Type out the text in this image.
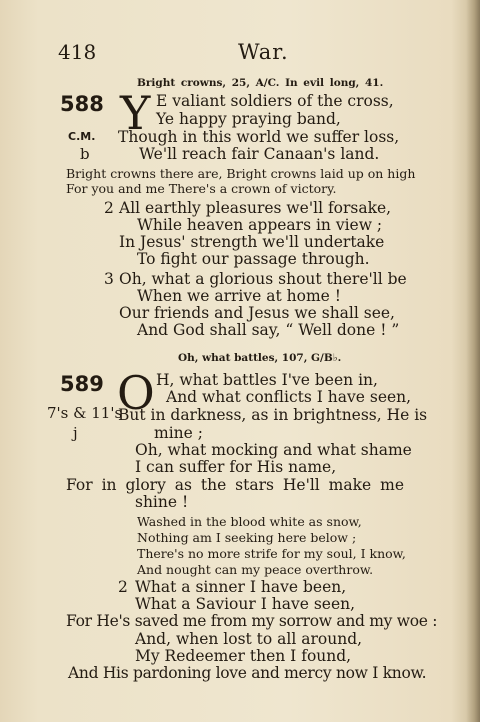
418	War.
Bright crowns, 25, A/C. In evil long, 41.
588 Y E valiant soldiers of the cross,
Ye happy praying band,
C.M. Though in this world we suffer loss,
b	We'll reach fair Canaan's land.
Bright crowns there are, Bright crowns laid up on high
For you and me There's a crown of victory.
2 All earthly pleasures we'll forsake,
While heaven appears in view ;
In Jesus' strength we'll undertake
To fight our passage through.
3 Oh, what a glorious shout there'll be
When we arrive at home !
Our friends and Jesus we shall see,
And God shall say, “ Well done ! ”
Oh, what battles, 107, G/B♭.
589 O H, what battles I've been in,
And what conflicts I have seen,
7's & 11's
But in darkness, as in brightness, He is
j	mine ;
Oh, what mocking and what shame
I can suffer for His name,
For in glory as the stars He'll make me
shine !
Washed in the blood white as snow,
Nothing am I seeking here below ;
There's no more strife for my soul, I know,
And nought can my peace overthrow.
2 What a sinner I have been,
What a Saviour I have seen,
For He's saved me from my sorrow and my woe :
And, when lost to all around,
My Redeemer then I found,
And His pardoning love and mercy now I know.
